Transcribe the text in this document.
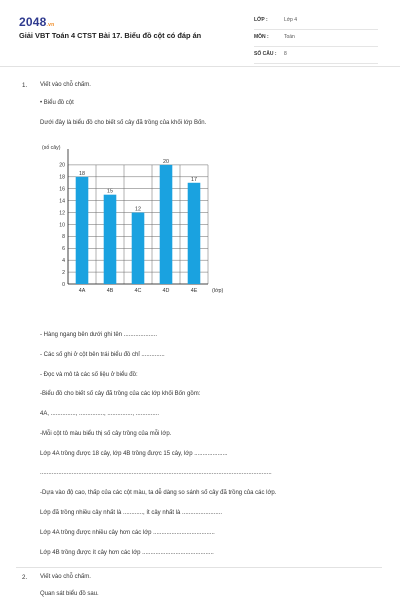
2048.vn
Giải VBT Toán 4 CTST Bài 17. Biểu đồ cột có đáp án
LỚP :	Lớp 4
MÔN :	Toán
SỐ CÂU : 8
1. Viết vào chỗ chấm.
• Biểu đồ cột
Dưới đây là biểu đồ cho biết số cây đã trồng của khối lớp Bốn.
(số cây)
0
2
4
6
8
10
12
14
16
18
20
18
4A
15
4B
12
4C
20
4D
17
4E	(lớp)
- Hàng ngang bên dưới ghi tên ....................
- Các số ghi ở cột bên trái biểu đồ chỉ ..............
- Đọc và mô tả các số liệu ở biểu đồ:
-Biểu đồ cho biết số cây đã trồng của các lớp khối Bốn gồm:
4A, ..............., ..............., ..............., ..............
-Mỗi cột tô màu biểu thị số cây trồng của mỗi lớp.
Lớp 4A trồng được 18 cây, lớp 4B trồng được 15 cây, lớp ....................
...........................................................................................................................................
-Dựa vào độ cao, thấp của các cột màu, ta dễ dàng so sánh số cây đã trồng của các lớp.
Lớp đã trồng nhiều cây nhất là ............, ít cây nhất là ........................
Lớp 4A trồng được nhiều cây hơn các lớp .....................................
Lớp 4B trồng được ít cây hơn các lớp ...........................................
2. Viết vào chỗ chấm.
Quan sát biểu đồ sau.
